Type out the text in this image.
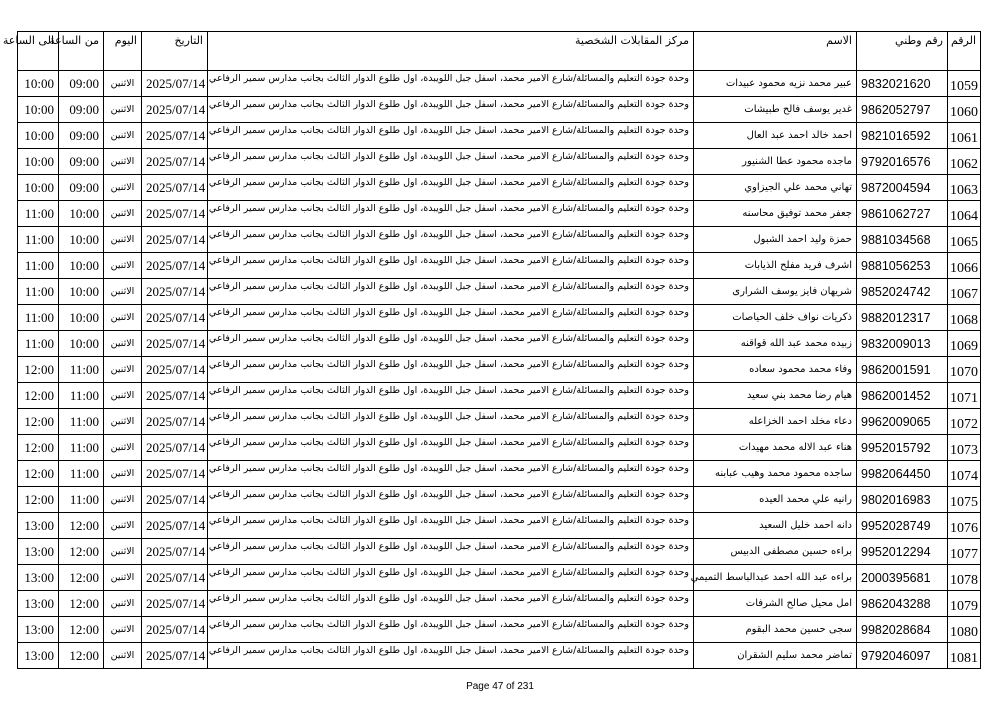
الرقم	رقم وطني	الاسم	مركز المقابلات الشخصية	التاريخ	اليوم	من الساعة	الى الساعة
1059	9832021620	عبير محمد نزيه محمود عبيدات	وحدة جودة التعليم والمسائلة/شارع الامير محمد، اسفل جبل اللويبدة، اول طلوع الدوار الثالث بجانب مدارس سمير الرفاعي	2025/07/14	الاثنين	09:00	10:00
1060	9862052797	غدير يوسف فالح طبيشات	وحدة جودة التعليم والمسائلة/شارع الامير محمد، اسفل جبل اللويبدة، اول طلوع الدوار الثالث بجانب مدارس سمير الرفاعي	2025/07/14	الاثنين	09:00	10:00
1061	9821016592	احمد خالد احمد عبد العال	وحدة جودة التعليم والمسائلة/شارع الامير محمد، اسفل جبل اللويبدة، اول طلوع الدوار الثالث بجانب مدارس سمير الرفاعي	2025/07/14	الاثنين	09:00	10:00
1062	9792016576	ماجده محمود عطا الشنيور	وحدة جودة التعليم والمسائلة/شارع الامير محمد، اسفل جبل اللويبدة، اول طلوع الدوار الثالث بجانب مدارس سمير الرفاعي	2025/07/14	الاثنين	09:00	10:00
1063	9872004594	تهاني محمد علي الجيزاوي	وحدة جودة التعليم والمسائلة/شارع الامير محمد، اسفل جبل اللويبدة، اول طلوع الدوار الثالث بجانب مدارس سمير الرفاعي	2025/07/14	الاثنين	09:00	10:00
1064	9861062727	جعفر محمد توفيق محاسنه	وحدة جودة التعليم والمسائلة/شارع الامير محمد، اسفل جبل اللويبدة، اول طلوع الدوار الثالث بجانب مدارس سمير الرفاعي	2025/07/14	الاثنين	10:00	11:00
1065	9881034568	حمزة وليد احمد الشبول	وحدة جودة التعليم والمسائلة/شارع الامير محمد، اسفل جبل اللويبدة، اول طلوع الدوار الثالث بجانب مدارس سمير الرفاعي	2025/07/14	الاثنين	10:00	11:00
1066	9881056253	اشرف فريد مفلح الذيابات	وحدة جودة التعليم والمسائلة/شارع الامير محمد، اسفل جبل اللويبدة، اول طلوع الدوار الثالث بجانب مدارس سمير الرفاعي	2025/07/14	الاثنين	10:00	11:00
1067	9852024742	شريهان فايز يوسف الشرارى	وحدة جودة التعليم والمسائلة/شارع الامير محمد، اسفل جبل اللويبدة، اول طلوع الدوار الثالث بجانب مدارس سمير الرفاعي	2025/07/14	الاثنين	10:00	11:00
1068	9882012317	ذكريات نواف خلف الحياصات	وحدة جودة التعليم والمسائلة/شارع الامير محمد، اسفل جبل اللويبدة، اول طلوع الدوار الثالث بجانب مدارس سمير الرفاعي	2025/07/14	الاثنين	10:00	11:00
1069	9832009013	زبيده محمد عبد الله قواقنه	وحدة جودة التعليم والمسائلة/شارع الامير محمد، اسفل جبل اللويبدة، اول طلوع الدوار الثالث بجانب مدارس سمير الرفاعي	2025/07/14	الاثنين	10:00	11:00
1070	9862001591	وفاء محمد محمود سعاده	وحدة جودة التعليم والمسائلة/شارع الامير محمد، اسفل جبل اللويبدة، اول طلوع الدوار الثالث بجانب مدارس سمير الرفاعي	2025/07/14	الاثنين	11:00	12:00
1071	9862001452	هيام رضا محمد بني سعيد	وحدة جودة التعليم والمسائلة/شارع الامير محمد، اسفل جبل اللويبدة، اول طلوع الدوار الثالث بجانب مدارس سمير الرفاعي	2025/07/14	الاثنين	11:00	12:00
1072	9962009065	دعاء مخلد احمد الخزاعله	وحدة جودة التعليم والمسائلة/شارع الامير محمد، اسفل جبل اللويبدة، اول طلوع الدوار الثالث بجانب مدارس سمير الرفاعي	2025/07/14	الاثنين	11:00	12:00
1073	9952015792	هناء عبد الاله محمد مهيدات	وحدة جودة التعليم والمسائلة/شارع الامير محمد، اسفل جبل اللويبدة، اول طلوع الدوار الثالث بجانب مدارس سمير الرفاعي	2025/07/14	الاثنين	11:00	12:00
1074	9982064450	ساجده محمود محمد وهيب عبابنه	وحدة جودة التعليم والمسائلة/شارع الامير محمد، اسفل جبل اللويبدة، اول طلوع الدوار الثالث بجانب مدارس سمير الرفاعي	2025/07/14	الاثنين	11:00	12:00
1075	9802016983	رانيه علي محمد العيده	وحدة جودة التعليم والمسائلة/شارع الامير محمد، اسفل جبل اللويبدة، اول طلوع الدوار الثالث بجانب مدارس سمير الرفاعي	2025/07/14	الاثنين	11:00	12:00
1076	9952028749	دانه احمد خليل السعيد	وحدة جودة التعليم والمسائلة/شارع الامير محمد، اسفل جبل اللويبدة، اول طلوع الدوار الثالث بجانب مدارس سمير الرفاعي	2025/07/14	الاثنين	12:00	13:00
1077	9952012294	براءه حسين مصطفى الدبيس	وحدة جودة التعليم والمسائلة/شارع الامير محمد، اسفل جبل اللويبدة، اول طلوع الدوار الثالث بجانب مدارس سمير الرفاعي	2025/07/14	الاثنين	12:00	13:00
1078	2000395681	براءه عبد الله احمد عبدالباسط التميمي	وحدة جودة التعليم والمسائلة/شارع الامير محمد، اسفل جبل اللويبدة، اول طلوع الدوار الثالث بجانب مدارس سمير الرفاعي	2025/07/14	الاثنين	12:00	13:00
1079	9862043288	امل محيل صالح الشرفات	وحدة جودة التعليم والمسائلة/شارع الامير محمد، اسفل جبل اللويبدة، اول طلوع الدوار الثالث بجانب مدارس سمير الرفاعي	2025/07/14	الاثنين	12:00	13:00
1080	9982028684	سجى حسين محمد البقوم	وحدة جودة التعليم والمسائلة/شارع الامير محمد، اسفل جبل اللويبدة، اول طلوع الدوار الثالث بجانب مدارس سمير الرفاعي	2025/07/14	الاثنين	12:00	13:00
1081	9792046097	تماضر محمد سليم الشقران	وحدة جودة التعليم والمسائلة/شارع الامير محمد، اسفل جبل اللويبدة، اول طلوع الدوار الثالث بجانب مدارس سمير الرفاعي	2025/07/14	الاثنين	12:00	13:00
Page 47 of 231
